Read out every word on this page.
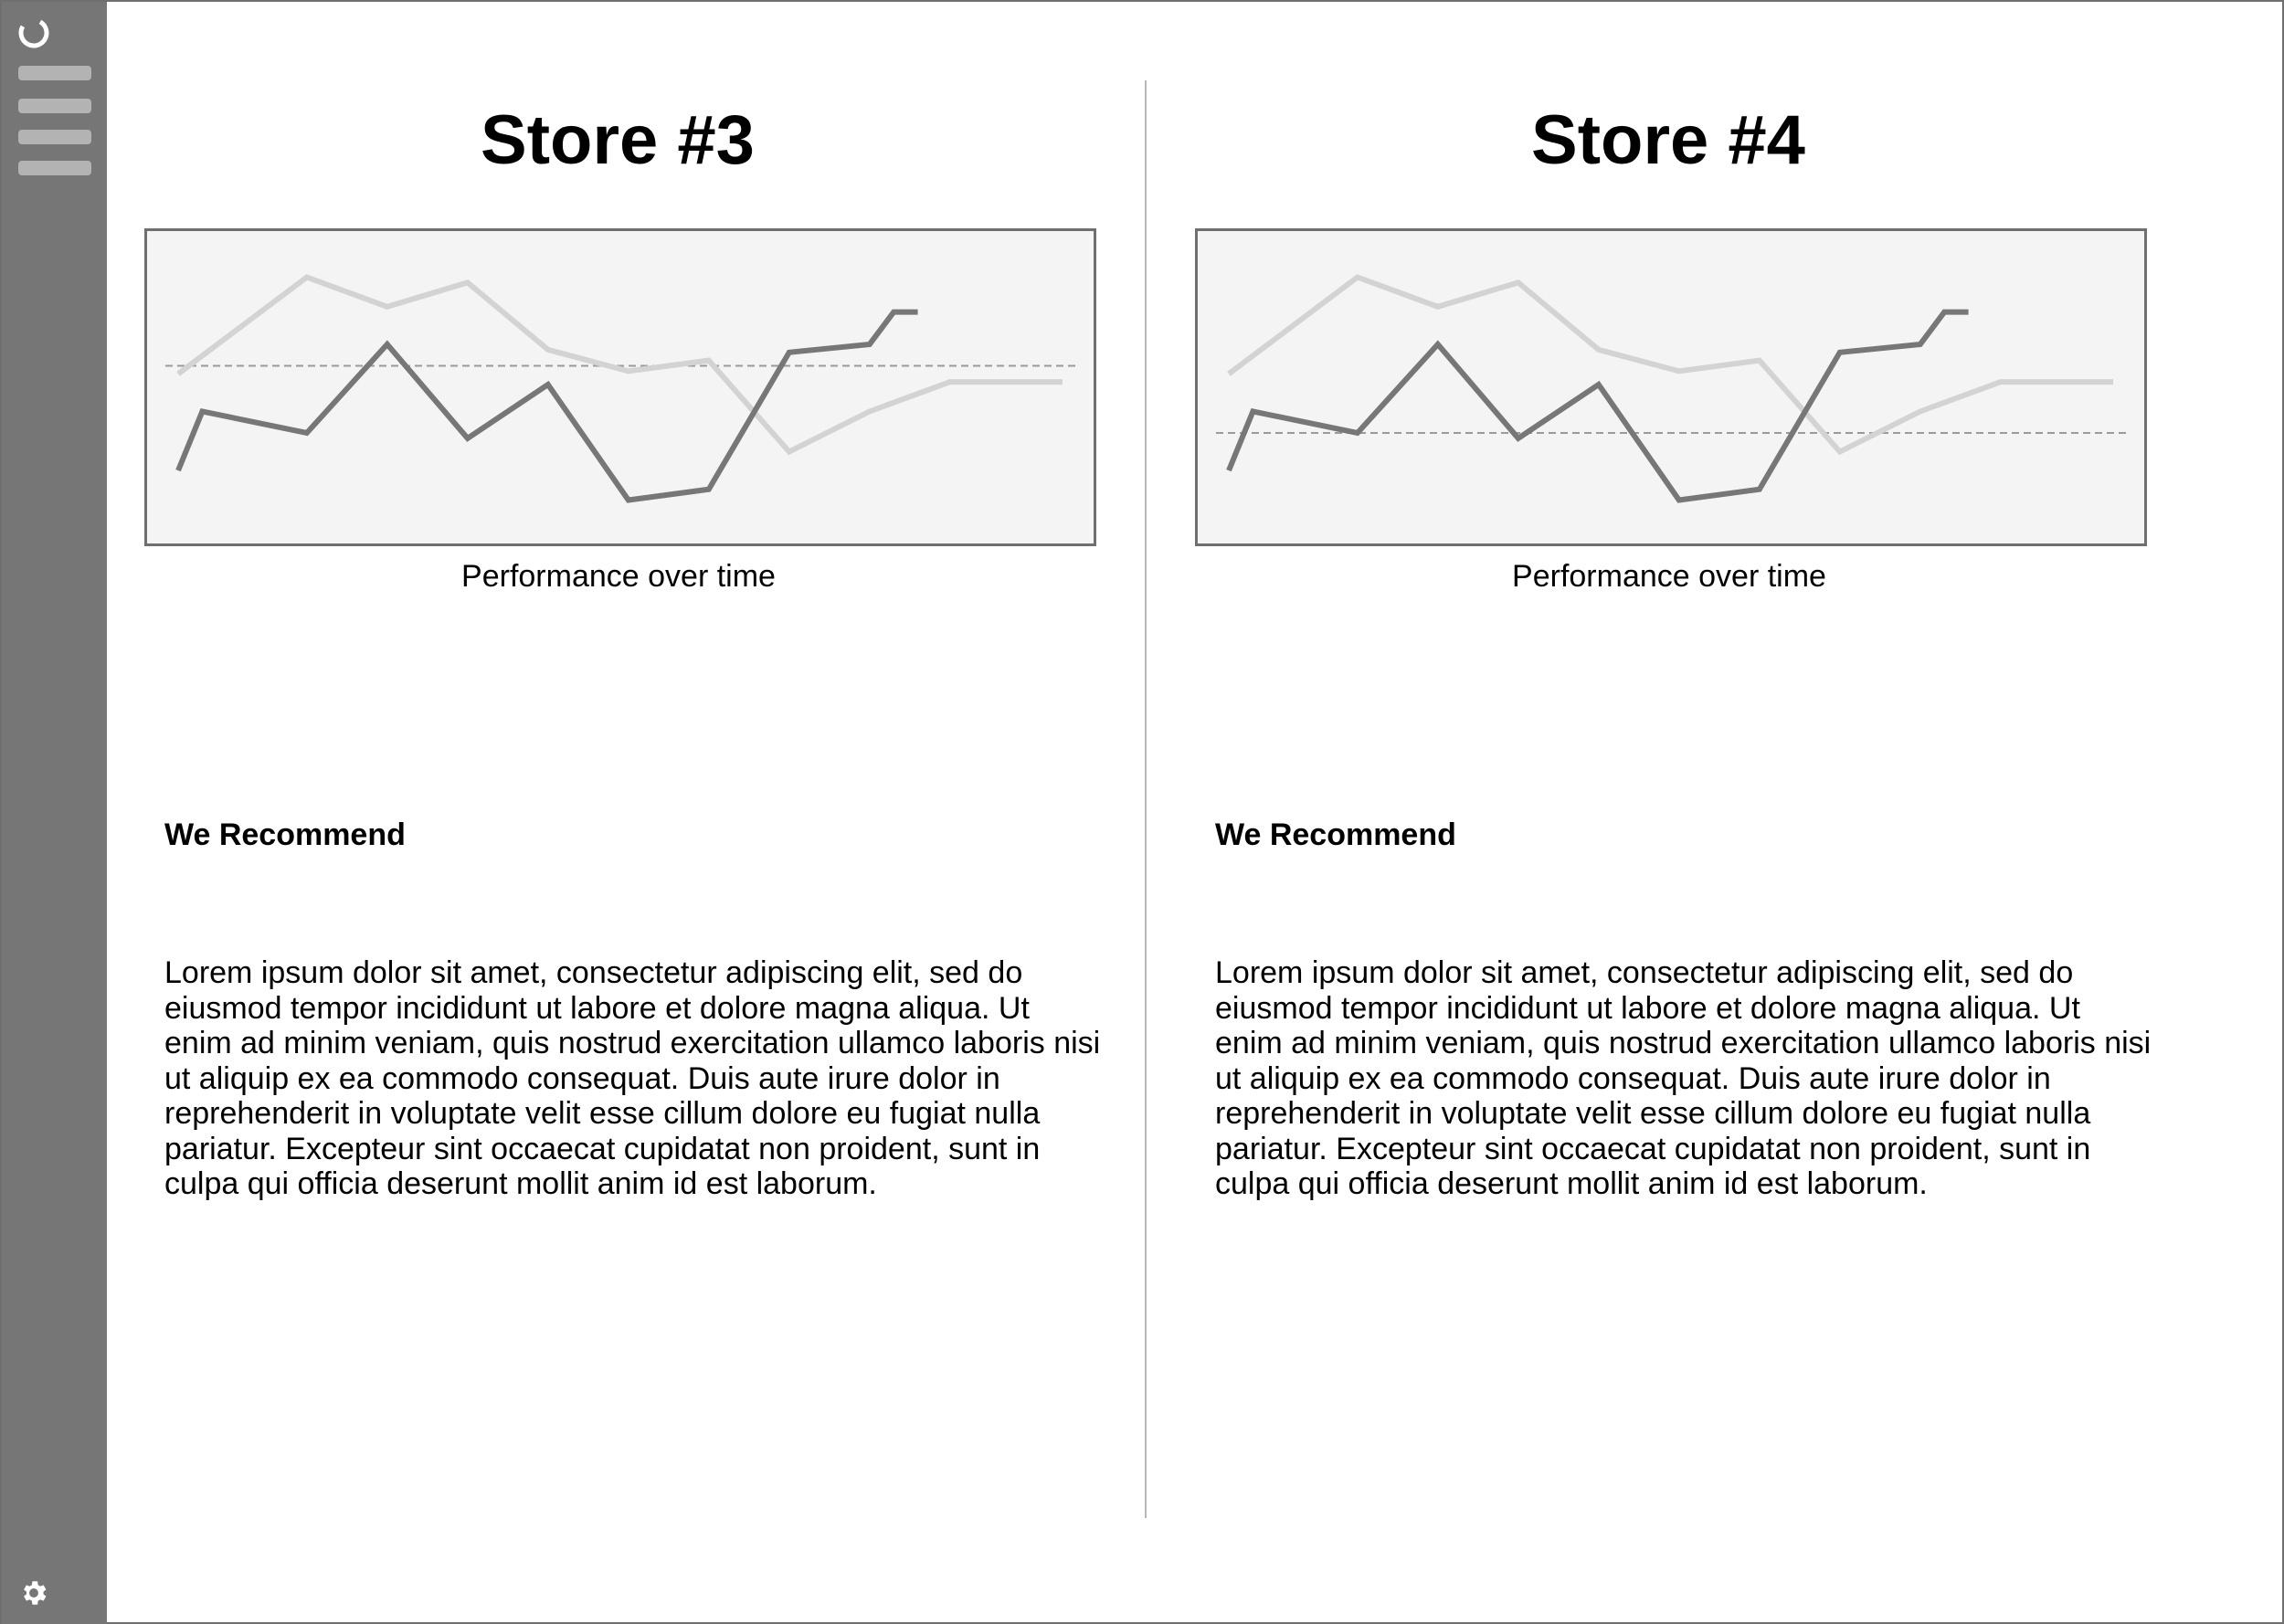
Store #3
Performance over time
We Recommend
Lorem ipsum dolor sit amet, consectetur adipiscing elit, sed do eiusmod tempor incididunt ut labore et dolore magna aliqua. Ut enim ad minim veniam, quis nostrud exercitation ullamco laboris nisi ut aliquip ex ea commodo consequat. Duis aute irure dolor in reprehenderit in voluptate velit esse cillum dolore eu fugiat nulla pariatur. Excepteur sint occaecat cupidatat non proident, sunt in culpa qui officia deserunt mollit anim id est laborum.
Store #4
Performance over time
We Recommend
Lorem ipsum dolor sit amet, consectetur adipiscing elit, sed do eiusmod tempor incididunt ut labore et dolore magna aliqua. Ut enim ad minim veniam, quis nostrud exercitation ullamco laboris nisi ut aliquip ex ea commodo consequat. Duis aute irure dolor in reprehenderit in voluptate velit esse cillum dolore eu fugiat nulla pariatur. Excepteur sint occaecat cupidatat non proident, sunt in culpa qui officia deserunt mollit anim id est laborum.
